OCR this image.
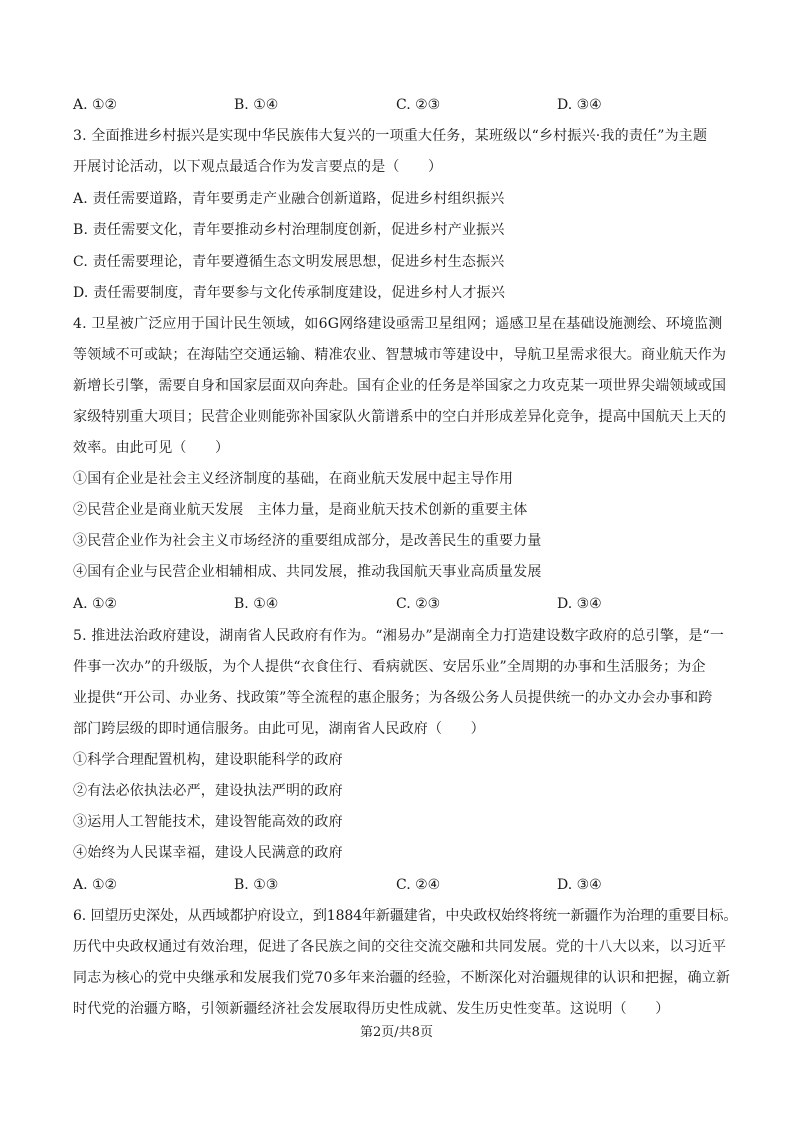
A. ①②	B. ①④	C. ②③	D. ③④
3. 全面推进乡村振兴是实现中华民族伟大复兴的一项重大任务，某班级以“乡村振兴·我的责任”为主题
开展讨论活动，以下观点最适合作为发言要点的是（　　）
A. 责任需要道路，青年要勇走产业融合创新道路，促进乡村组织振兴
B. 责任需要文化，青年要推动乡村治理制度创新，促进乡村产业振兴
C. 责任需要理论，青年要遵循生态文明发展思想，促进乡村生态振兴
D. 责任需要制度，青年要参与文化传承制度建设，促进乡村人才振兴
4. 卫星被广泛应用于国计民生领域，如6G网络建设亟需卫星组网；遥感卫星在基础设施测绘、环境监测
等领域不可或缺；在海陆空交通运输、精准农业、智慧城市等建设中，导航卫星需求很大。商业航天作为
新增长引擎，需要自身和国家层面双向奔赴。国有企业的任务是举国家之力攻克某一项世界尖端领域或国
家级特别重大项目；民营企业则能弥补国家队火箭谱系中的空白并形成差异化竞争，提高中国航天上天的
效率。由此可见（　　）
①国有企业是社会主义经济制度的基础，在商业航天发展中起主导作用
②民营企业是商业航天发展　主体力量，是商业航天技术创新的重要主体
③民营企业作为社会主义市场经济的重要组成部分，是改善民生的重要力量
④国有企业与民营企业相辅相成、共同发展，推动我国航天事业高质量发展
A. ①②	B. ①④	C. ②③	D. ③④
5. 推进法治政府建设，湖南省人民政府有作为。“湘易办”是湖南全力打造建设数字政府的总引擎，是“一
件事一次办”的升级版，为个人提供“衣食住行、看病就医、安居乐业”全周期的办事和生活服务；为企
业提供“开公司、办业务、找政策”等全流程的惠企服务；为各级公务人员提供统一的办文办会办事和跨
部门跨层级的即时通信服务。由此可见，湖南省人民政府（　　）
①科学合理配置机构，建设职能科学的政府
②有法必依执法必严，建设执法严明的政府
③运用人工智能技术，建设智能高效的政府
④始终为人民谋幸福，建设人民满意的政府
A. ①②	B. ①③	C. ②④	D. ③④
6. 回望历史深处，从西域都护府设立，到1884年新疆建省，中央政权始终将统一新疆作为治理的重要目标。
历代中央政权通过有效治理，促进了各民族之间的交往交流交融和共同发展。党的十八大以来，以习近平
同志为核心的党中央继承和发展我们党70多年来治疆的经验，不断深化对治疆规律的认识和把握，确立新
时代党的治疆方略，引领新疆经济社会发展取得历史性成就、发生历史性变革。这说明（　　）
第2页/共8页
